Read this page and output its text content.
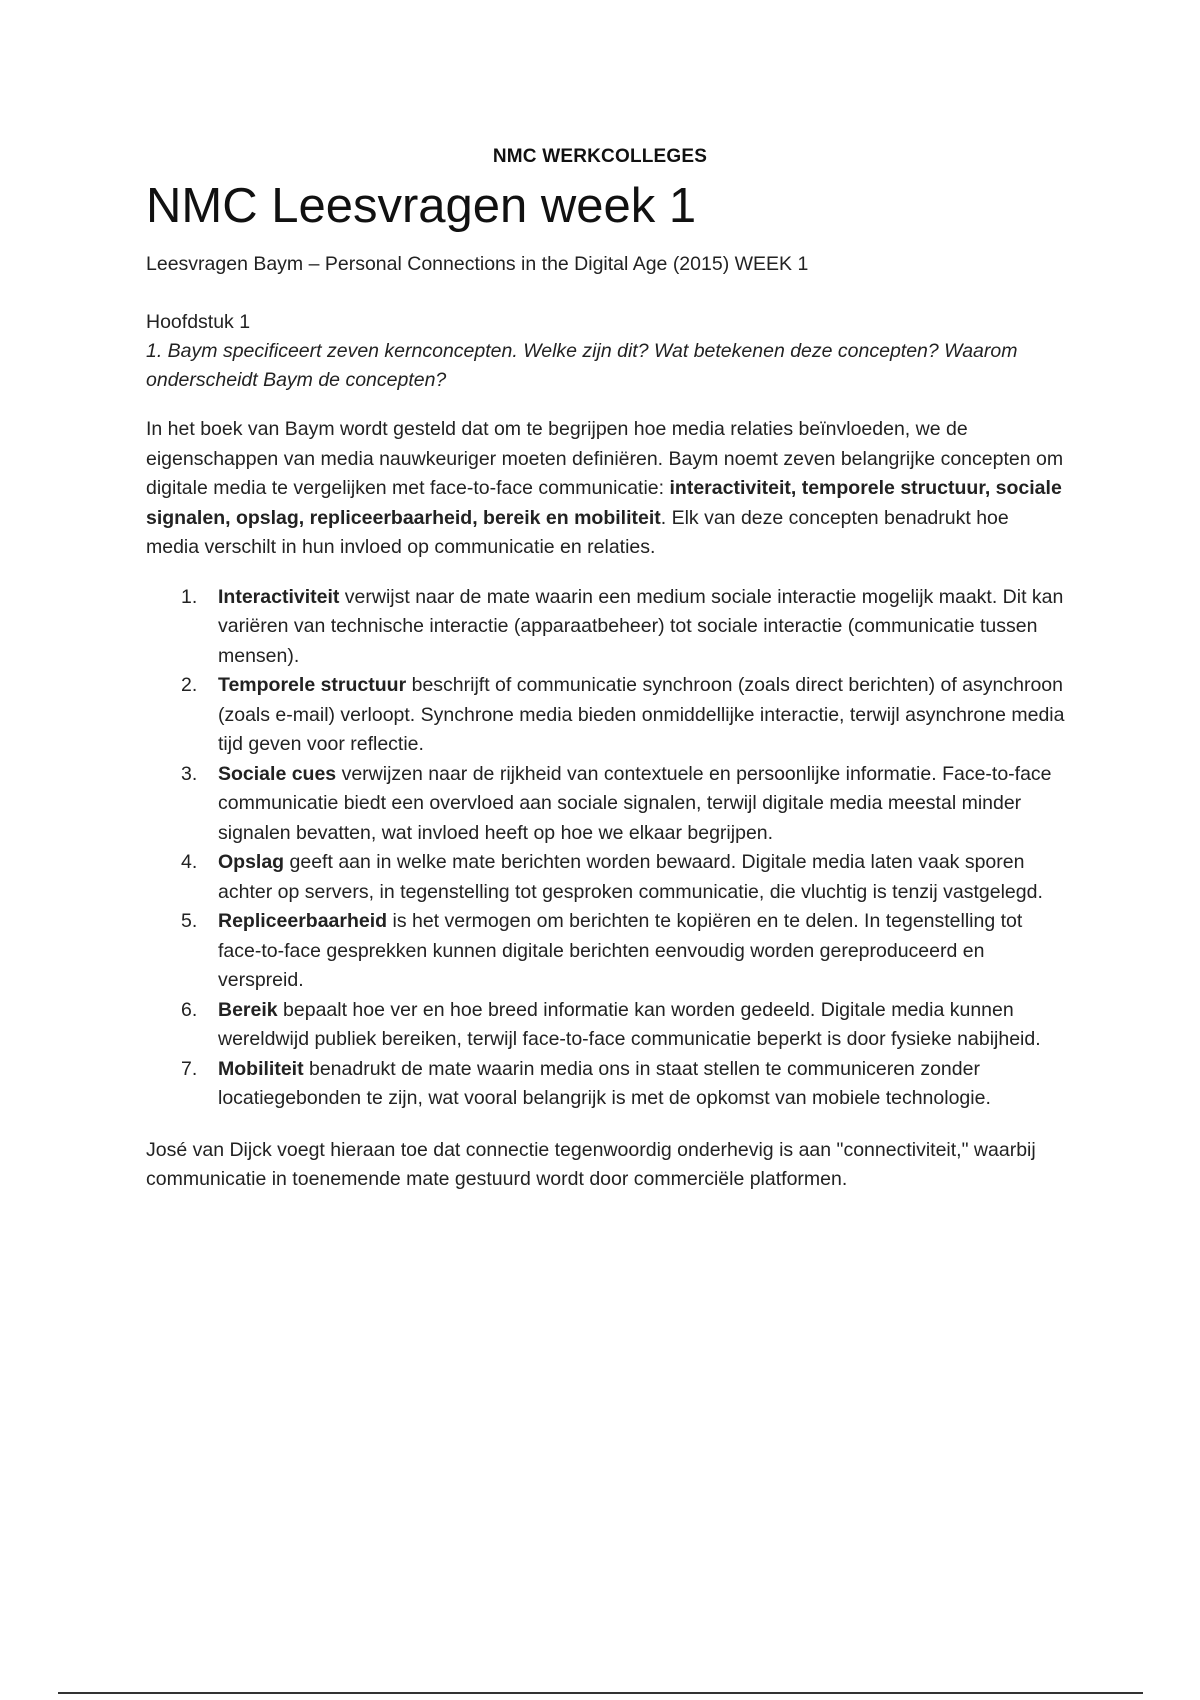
NMC WERKCOLLEGES
NMC Leesvragen week 1
Leesvragen Baym – Personal Connections in the Digital Age (2015) WEEK 1
Hoofdstuk 1
1. Baym specificeert zeven kernconcepten. Welke zijn dit? Wat betekenen deze concepten? Waarom onderscheidt Baym de concepten?

In het boek van Baym wordt gesteld dat om te begrijpen hoe media relaties beïnvloeden, we de eigenschappen van media nauwkeuriger moeten definiëren. Baym noemt zeven belangrijke concepten om digitale media te vergelijken met face-to-face communicatie: interactiviteit, temporele structuur, sociale signalen, opslag, repliceerbaarheid, bereik en mobiliteit. Elk van deze concepten benadrukt hoe media verschilt in hun invloed op communicatie en relaties.

1. Interactiviteit verwijst naar de mate waarin een medium sociale interactie mogelijk maakt. Dit kan variëren van technische interactie (apparaatbeheer) tot sociale interactie (communicatie tussen mensen).
2. Temporele structuur beschrijft of communicatie synchroon (zoals direct berichten) of asynchroon (zoals e-mail) verloopt. Synchrone media bieden onmiddellijke interactie, terwijl asynchrone media tijd geven voor reflectie.
3. Sociale cues verwijzen naar de rijkheid van contextuele en persoonlijke informatie. Face-to-face communicatie biedt een overvloed aan sociale signalen, terwijl digitale media meestal minder signalen bevatten, wat invloed heeft op hoe we elkaar begrijpen.
4. Opslag geeft aan in welke mate berichten worden bewaard. Digitale media laten vaak sporen achter op servers, in tegenstelling tot gesproken communicatie, die vluchtig is tenzij vastgelegd.
5. Repliceerbaarheid is het vermogen om berichten te kopiëren en te delen. In tegenstelling tot face-to-face gesprekken kunnen digitale berichten eenvoudig worden gereproduceerd en verspreid.
6. Bereik bepaalt hoe ver en hoe breed informatie kan worden gedeeld. Digitale media kunnen wereldwijd publiek bereiken, terwijl face-to-face communicatie beperkt is door fysieke nabijheid.
7. Mobiliteit benadrukt de mate waarin media ons in staat stellen te communiceren zonder locatiegebonden te zijn, wat vooral belangrijk is met de opkomst van mobiele technologie.

José van Dijck voegt hieraan toe dat connectie tegenwoordig onderhevig is aan "connectiviteit," waarbij communicatie in toenemende mate gestuurd wordt door commerciële platformen.
